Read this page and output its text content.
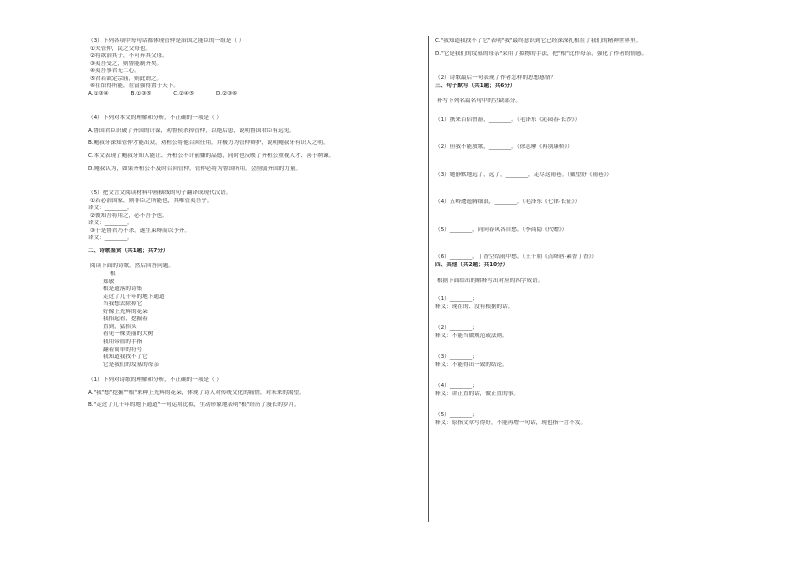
（3）下列各项中每句话都体现管仲是治国之能臣的一组是（ ）
①夫管仲，民之父母也。
②将欲治其子，不可弃其父母。
③夷吾受之，则鲁能制齐矣。
④夷吾事君无二心。
⑤君若欲定宗庙，则此谓之。
⑥在馆得所能，在富强得置于天下。
A.①③④	B.①③⑤	C.②④⑤	D.②③⑥
（4）下列对本文的理解和分析，不正确的一项是（ ）
A.鲁国君臣识破了齐国的计谋，劝鲁侯杀掉管仲，以绝后患，说明鲁国君臣有远见。
B.鲍叔牙深知管仲才能出众，劝桓公将他召回任用，并极力为管仲辩护，说明鲍叔牙有识人之明。
C.本文表现了鲍叔牙知人能让、齐桓公不计前嫌的品德，同时也反映了齐桓公重视人才、善于纳谏。
D.鲍叔认为，如果齐桓公不及时召回管仲，管仲必将为鲁国所用，会削弱齐国的力量。
（5）把文言文阅读材料中画横线的句子翻译成现代汉语。
①若必治国家，则非臣之所能也，其唯管夷吾乎。
译文：________。
②彼知吾将用之，必不吾予也。
译文：________。
③于是鲁君乃不杀，遂生束缚而以予齐。
译文：________。
二、诗歌鉴赏（共1题；共7分）
阅读下面的诗歌，然后回答问题。
根
郑敏
根是遗落的诗集
走过了几千年的地下通道
当我想去除掉它
好像上光辉的花朵
我抬起看，挖掘着
直到，猛抬头
看见一棵美丽的大树
我用带血的手指
翻着简单的符号
我知道我找不了它
它是我们的坟墓的母亲
（1）下列对诗歌的理解和分析，不正确的一项是（ ）
A."我"想"挖掘""根"来种上光辉的花朵，体现了诗人对传统文化的痛惜，对未来的渴望。
B."走过了几千年的地下通道"一句运用比拟，生动形象地表明"根"经历了漫长的岁月。
C."我知道我找不了它"表明"我"最终意识到它已经深深扎根在了我们的精神世界里。
D."它是我们的坟墓的母亲"采用了拟物的手法，把"根"比作母亲，强化了作者的情感。
（2）诗歌最后一句表现了作者怎样的思想感情？
三、句子默写（共1题；共6分）
补写下列名篇名句中的空缺部分。
（1）携来百侣曾游，________。（毛泽东《沁园春·长沙》）
（2）但我不能放歌，________。（徐志摩《再别康桥》）
（3）她静默地远了，远了，________，走尽这雨巷。（戴望舒《雨巷》）
（4）五岭逶迤腾细浪，________。（毛泽东《七律·长征》）
（5）________，同向春风各自愁。（李商隐《代赠》）
（6）________，丁香空结雨中愁。（王十朋《点绛唇·素香丁香》）
四、其他（共2题；共10分）
根据下面给出的解释写出对应的四字成语。
（1）________；
释义：现在的、没有根据的话。
（2）________；
释义：不能当做规范或法则。
（3）________；
释义：不能得出一致的结论。
（4）________；
释义：讲正直的话，做正直的事。
（5）________；
释义：原指文章写得好，不能再增一句话，现也指一言不发。
